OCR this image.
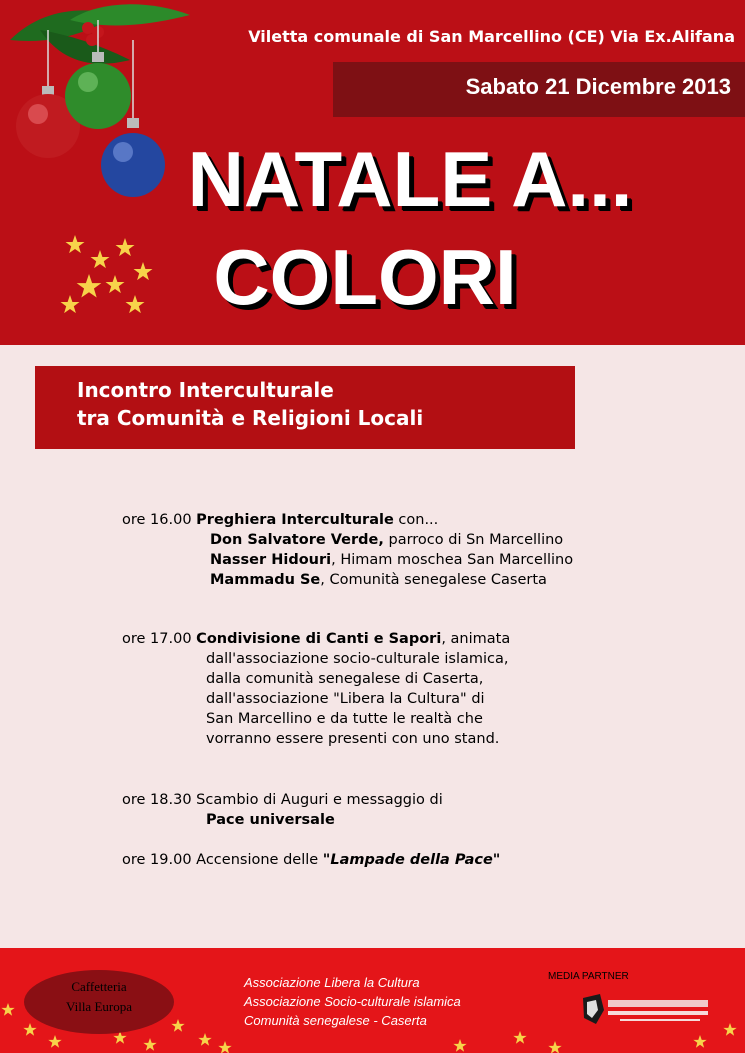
Viletta comunale di San Marcellino (CE) Via Ex.Alifana
Sabato 21 Dicembre 2013
NATALE A...
COLORI
Incontro Interculturale
tra Comunità e Religioni Locali
ore 16.00 Preghiera Interculturale con...
Don Salvatore Verde, parroco di Sn Marcellino
Nasser Hidouri, Himam moschea San Marcellino
Mammadu Se, Comunità senegalese Caserta
ore 17.00 Condivisione di Canti e Sapori, animata
dall'associazione socio-culturale islamica,
dalla comunità senegalese di Caserta,
dall'associazione "Libera la Cultura" di
San Marcellino e da tutte le realtà che
vorranno essere presenti con uno stand.
ore 18.30 Scambio di Auguri e messaggio di
Pace universale
ore 19.00 Accensione delle "Lampade della Pace"
Caffetteria
Villa Europa
Associazione Libera la Cultura
Associazione Socio-culturale islamica
Comunità senegalese - Caserta
MEDIA PARTNER
